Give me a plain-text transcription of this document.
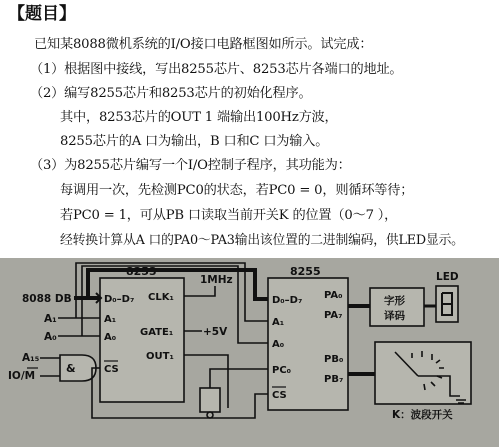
【题目】
已知某8088微机系统的I/O接口电路框图如所示。试完成：
（1）根据图中接线，写出8255芯片、8253芯片各端口的地址。
（2）编写8255芯片和8253芯片的初始化程序。
其中，8253芯片的OUT 1 端输出100Hz方波，
8255芯片的A 口为输出，B 口和C 口为输入。
（3）为8255芯片编写一个I/O控制子程序，其功能为：
每调用一次，先检测PC0的状态，若PC0 = 0，则循环等待；
若PC0 = 1，可从PB 口读取当前开关K 的位置（0～7 ），
经转换计算从A 口的PA0～PA3输出该位置的二进制编码，供LED显示。
8088 DB
A₁
A₀
A₁₅
IO/M
&
8253
D₀–D₇
A₁
A₀
CS
CLK₁
GATE₁
OUT₁
1MHz
+5V
8255
D₀–D₇
A₁
A₀
PC₀
CS
PA₀
PA₇
PB₀
PB₇
字形
译码
LED
K：波段开关
